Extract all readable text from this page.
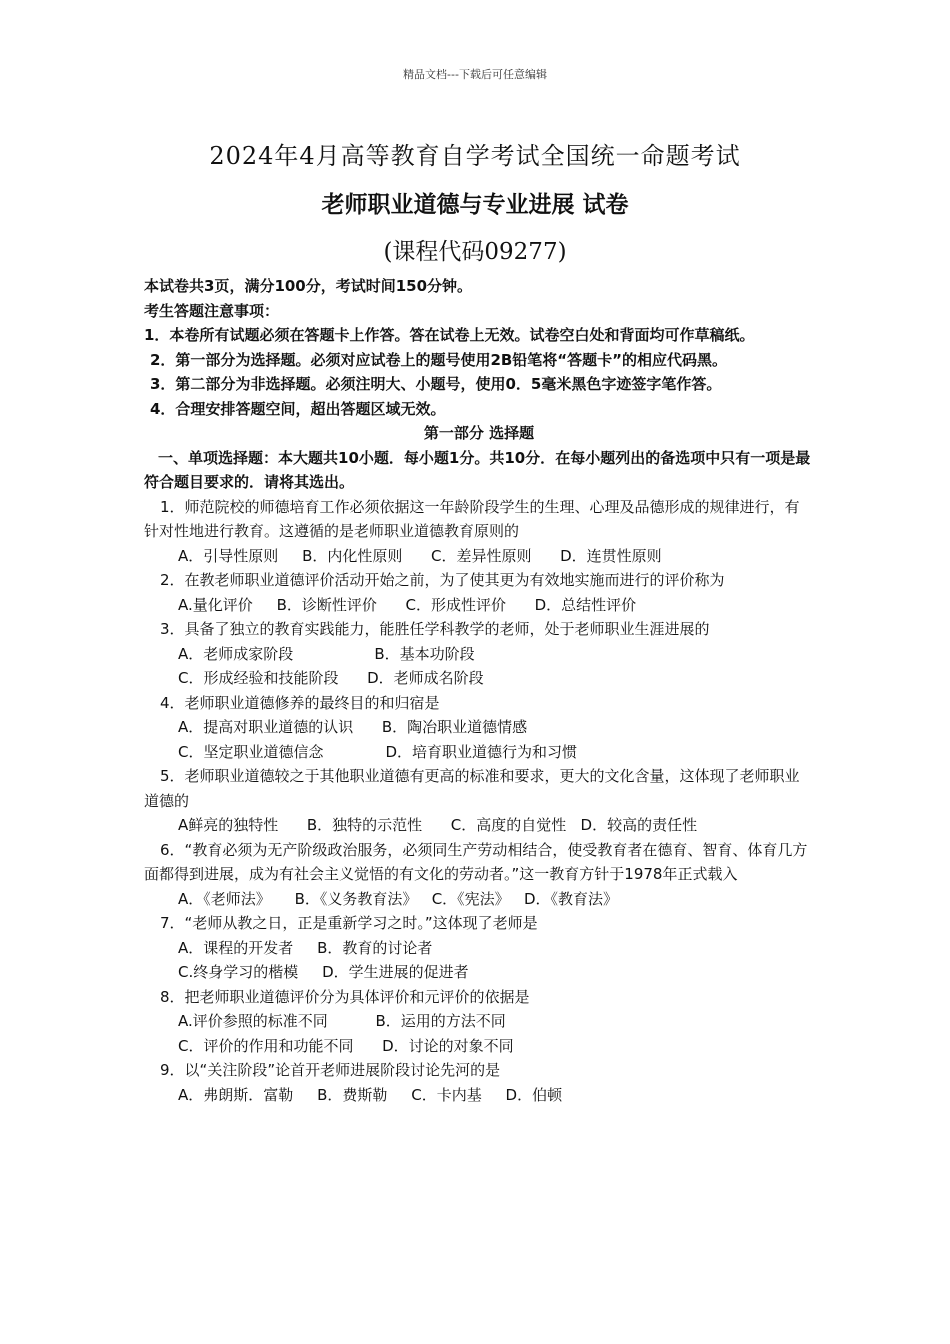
精品文档---下载后可任意编辑
2024年4月高等教育自学考试全国统一命题考试
老师职业道德与专业进展 试卷
(课程代码09277)
本试卷共3页，满分100分，考试时间150分钟。
考生答题注意事项：
1．本卷所有试题必须在答题卡上作答。答在试卷上无效。试卷空白处和背面均可作草稿纸。
2．第一部分为选择题。必须对应试卷上的题号使用2B铅笔将“答题卡”的相应代码黑。
3．第二部分为非选择题。必须注明大、小题号，使用0．5毫米黑色字迹签字笔作答。
4．合理安排答题空间，超出答题区域无效。
第一部分 选择题
一、单项选择题：本大题共10小题．每小题1分。共10分．在每小题列出的备选项中只有一项是最符合题目要求的．请将其选出。
1．师范院校的师德培育工作必须依据这一年龄阶段学生的生理、心理及品德形成的规律进行，有针对性地进行教育。这遵循的是老师职业道德教育原则的
A．引导性原则     B．内化性原则      C．差异性原则      D．连贯性原则
2．在教老师职业道德评价活动开始之前，为了使其更为有效地实施而进行的评价称为
A.量化评价     B．诊断性评价      C．形成性评价      D．总结性评价
3．具备了独立的教育实践能力，能胜任学科教学的老师，处于老师职业生涯进展的
A．老师成家阶段                 B．基本功阶段
C．形成经验和技能阶段      D．老师成名阶段
4．老师职业道德修养的最终目的和归宿是
A．提高对职业道德的认识      B．陶冶职业道德情感
C．坚定职业道德信念             D．培育职业道德行为和习惯
5．老师职业道德较之于其他职业道德有更高的标准和要求，更大的文化含量，这体现了老师职业道德的
A鲜亮的独特性      B．独特的示范性      C．高度的自觉性   D．较高的责任性
6．“教育必须为无产阶级政治服务，必须同生产劳动相结合，使受教育者在德育、智育、体育几方面都得到进展，成为有社会主义觉悟的有文化的劳动者。”这一教育方针于1978年正式载入
A．《老师法》     B．《义务教育法》   C．《宪法》   D．《教育法》
7．“老师从教之日，正是重新学习之时。”这体现了老师是
A．课程的开发者     B．教育的讨论者
C.终身学习的楷模     D．学生进展的促进者
8．把老师职业道德评价分为具体评价和元评价的依据是
A.评价参照的标准不同          B．运用的方法不同
C．评价的作用和功能不同      D．讨论的对象不同
9．以“关注阶段”论首开老师进展阶段讨论先河的是
A．弗朗斯．富勒     B．费斯勒     C．卡内基     D．伯顿
